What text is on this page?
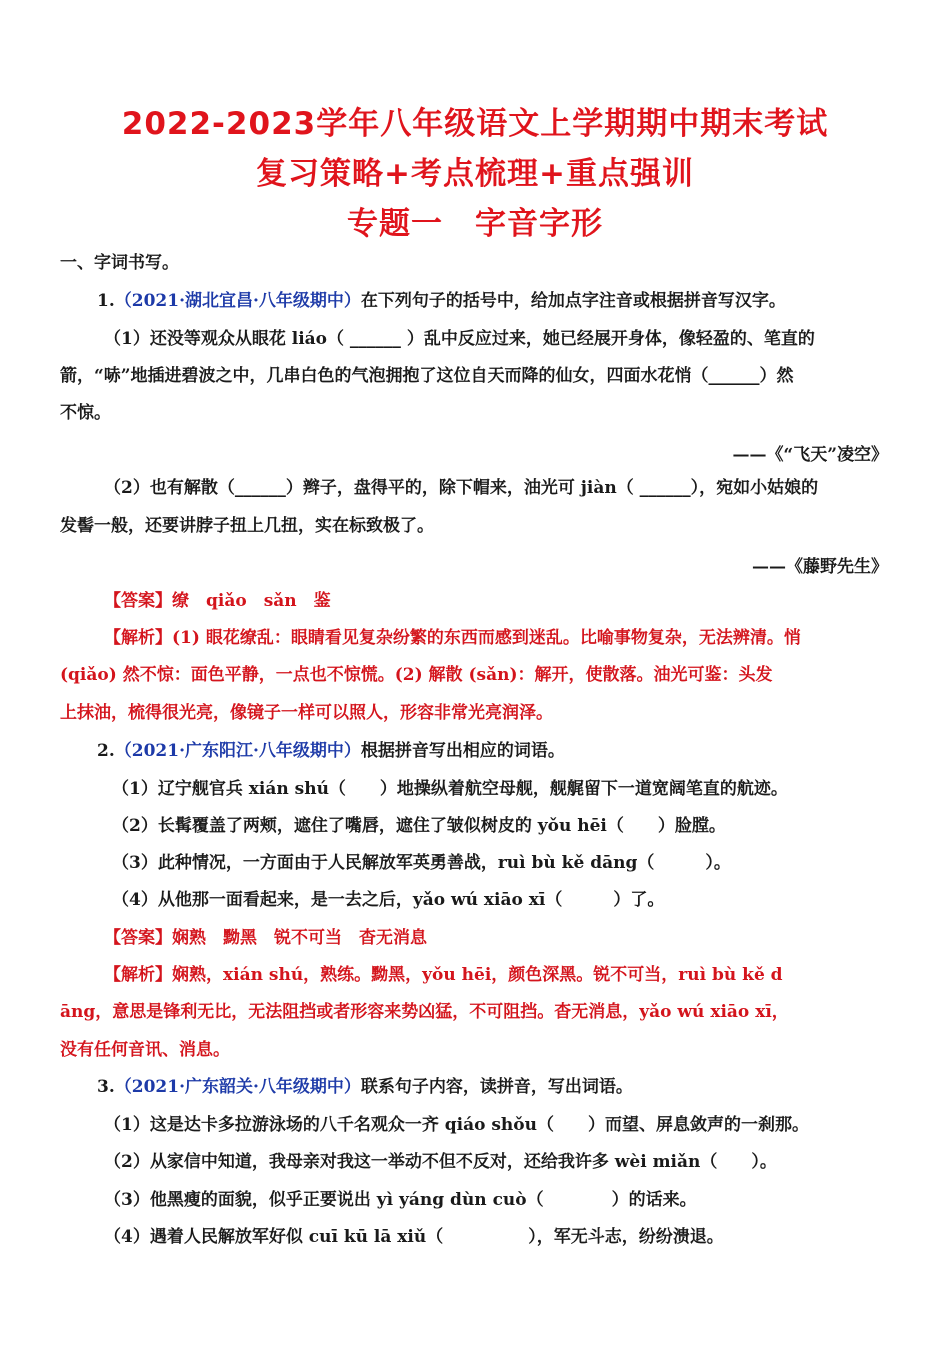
2022-2023学年八年级语文上学期期中期末考试
复习策略+考点梳理+重点强训
专题一　字音字形
一、字词书写。
1.（2021·湖北宜昌·八年级期中）在下列句子的括号中，给加点字注音或根据拼音写汉字。
（1）还没等观众从眼花 liáo（ ______ ）乱中反应过来，她已经展开身体，像轻盈的、笔直的
箭，“哧”地插进碧波之中，几串白色的气泡拥抱了这位自天而降的仙女，四面水花悄（______）然
不惊。
——《“飞天”凌空》
（2）也有解散（______）辫子，盘得平的，除下帽来，油光可 jiàn（ ______），宛如小姑娘的
发髻一般，还要讲脖子扭上几扭，实在标致极了。
——《藤野先生》
【答案】缭　qiǎo　sǎn　鉴
【解析】(1) 眼花缭乱：眼睛看见复杂纷繁的东西而感到迷乱。比喻事物复杂，无法辨清。悄
(qiǎo) 然不惊：面色平静，一点也不惊慌。(2) 解散 (sǎn)：解开，使散落。油光可鉴：头发
上抹油，梳得很光亮，像镜子一样可以照人，形容非常光亮润泽。
2.（2021·广东阳江·八年级期中）根据拼音写出相应的词语。
（1）辽宁舰官兵 xián shú（　　）地操纵着航空母舰，舰艉留下一道宽阔笔直的航迹。
（2）长髯覆盖了两颊，遮住了嘴唇，遮住了皱似树皮的 yǒu hēi（　　）脸膛。
（3）此种情况，一方面由于人民解放军英勇善战，ruì bù kě dāng（　　　）。
（4）从他那一面看起来，是一去之后，yǎo wú xiāo xī（　　　）了。
【答案】娴熟　黝黑　锐不可当　杳无消息
【解析】娴熟，xián shú，熟练。黝黑，yǒu hēi，颜色深黑。锐不可当，ruì bù kě d
āng，意思是锋利无比，无法阻挡或者形容来势凶猛，不可阻挡。杳无消息，yǎo wú xiāo xī，
没有任何音讯、消息。
3.（2021·广东韶关·八年级期中）联系句子内容，读拼音，写出词语。
（1）这是达卡多拉游泳场的八千名观众一齐 qiáo shǒu（　　）而望、屏息敛声的一刹那。
（2）从家信中知道，我母亲对我这一举动不但不反对，还给我许多 wèi miǎn（　　）。
（3）他黑瘦的面貌，似乎正要说出 yì yáng dùn cuò（　　　　）的话来。
（4）遇着人民解放军好似 cuī kū lā xiǔ（　　　　　），军无斗志，纷纷溃退。
